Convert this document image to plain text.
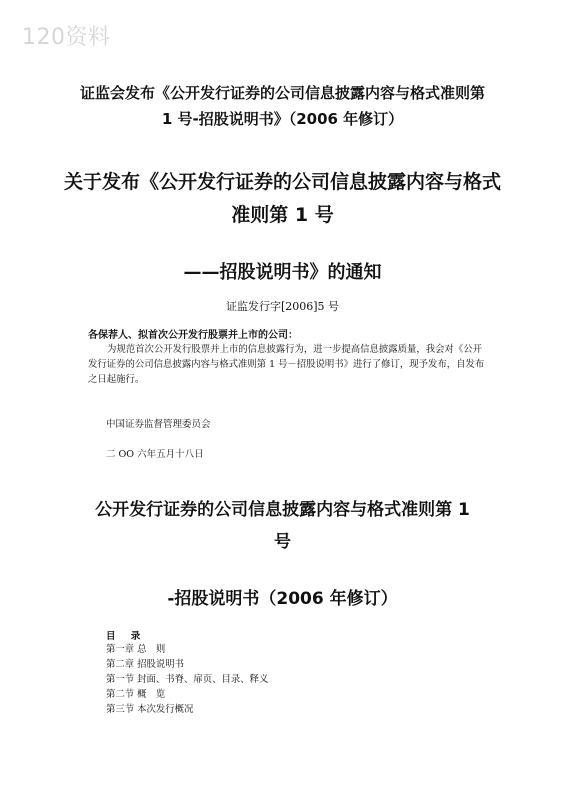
120资料
证监会发布《公开发行证券的公司信息披露内容与格式准则第
1 号-招股说明书》（2006 年修订）
关于发布《公开发行证券的公司信息披露内容与格式
准则第 1 号
——招股说明书》的通知
证监发行字[2006]5 号
各保荐人、拟首次公开发行股票并上市的公司：
为规范首次公开发行股票并上市的信息披露行为，进一步提高信息披露质量，我会对《公开发行证券的公司信息披露内容与格式准则第 1 号－招股说明书》进行了修订，现予发布，自发布之日起施行。
中国证券监督管理委员会
二 OO 六年五月十八日
公开发行证券的公司信息披露内容与格式准则第 1
号
-招股说明书（2006 年修订）
目 录
第一章 总　则
第二章 招股说明书
第一节 封面、书脊、扉页、目录、释义
第二节 概　览
第三节 本次发行概况
